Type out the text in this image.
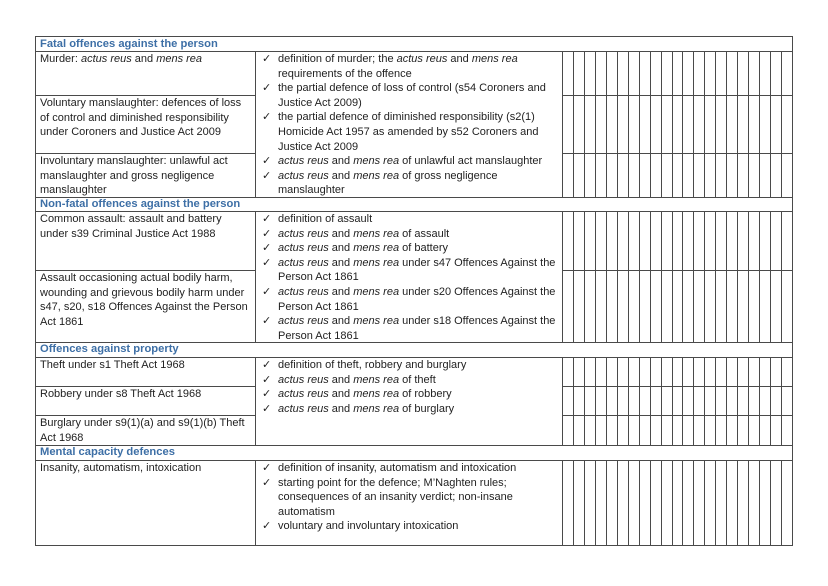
Fatal offences against the person
Murder: actus reus and mens rea
Voluntary manslaughter: defences of loss of control and diminished responsibility under Coroners and Justice Act 2009
Involuntary manslaughter: unlawful act manslaughter and gross negligence manslaughter
✓ definition of murder; the actus reus and mens rea requirements of the offence
✓ the partial defence of loss of control (s54 Coroners and Justice Act 2009)
✓ the partial defence of diminished responsibility (s2(1) Homicide Act 1957 as amended by s52 Coroners and Justice Act 2009
✓ actus reus and mens rea of unlawful act manslaughter
✓ actus reus and mens rea of gross negligence manslaughter
Non-fatal offences against the person
Common assault: assault and battery under s39 Criminal Justice Act 1988
Assault occasioning actual bodily harm, wounding and grievous bodily harm under s47, s20, s18 Offences Against the Person Act 1861
✓ definition of assault
✓ actus reus and mens rea of assault
✓ actus reus and mens rea of battery
✓ actus reus and mens rea under s47 Offences Against the Person Act 1861
✓ actus reus and mens rea under s20 Offences Against the Person Act 1861
✓ actus reus and mens rea under s18 Offences Against the Person Act 1861
Offences against property
Theft under s1 Theft Act 1968
Robbery under s8 Theft Act 1968
Burglary under s9(1)(a) and s9(1)(b) Theft Act 1968
✓ definition of theft, robbery and burglary
✓ actus reus and mens rea of theft
✓ actus reus and mens rea of robbery
✓ actus reus and mens rea of burglary
Mental capacity defences
Insanity, automatism, intoxication	✓ definition of insanity, automatism and intoxication
✓ starting point for the defence; M’Naghten rules; consequences of an insanity verdict; non-insane automatism
✓ voluntary and involuntary intoxication
